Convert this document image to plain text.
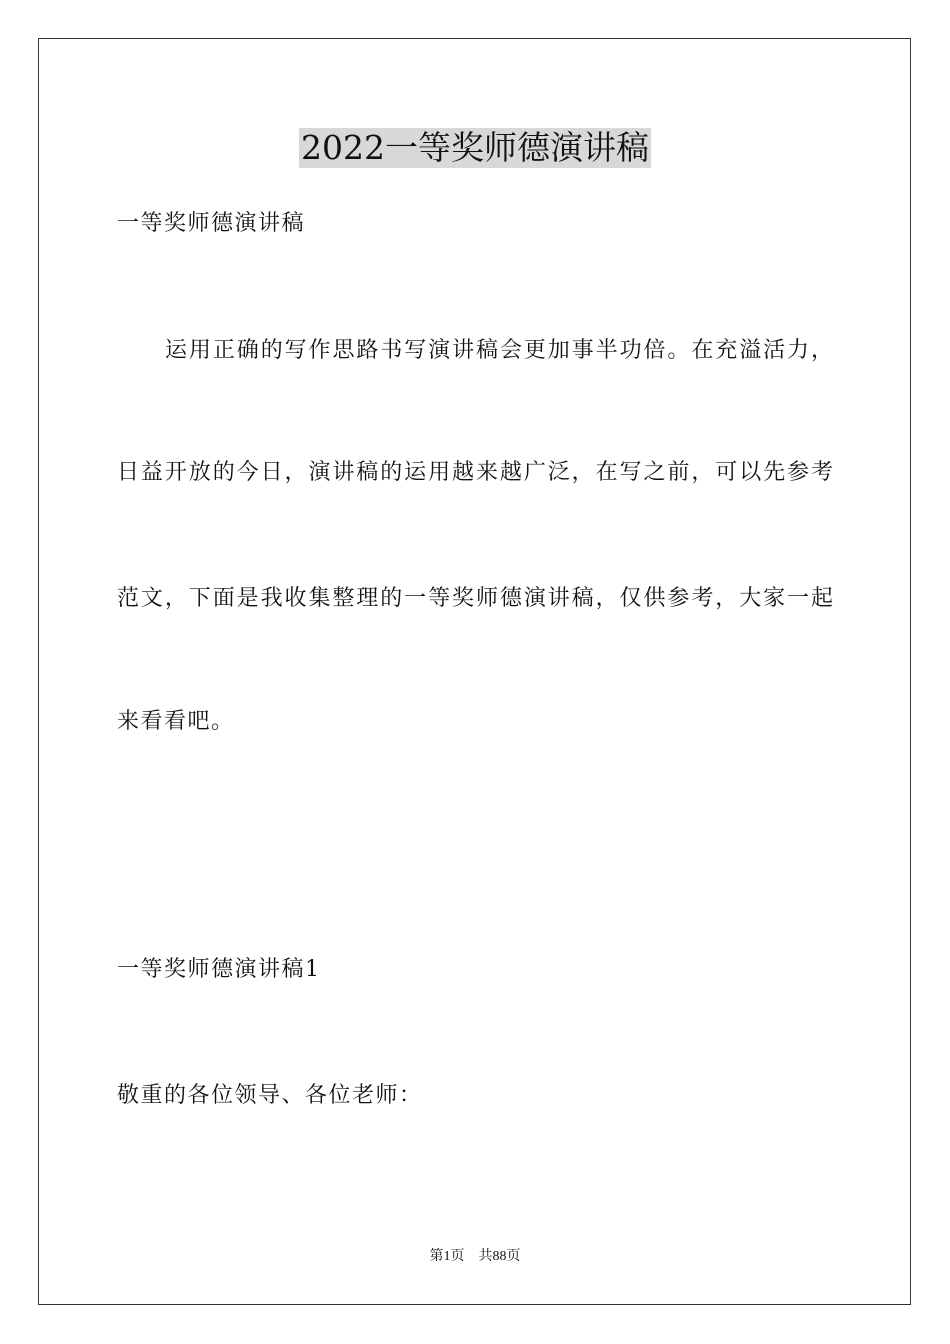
2022一等奖师德演讲稿
一等奖师德演讲稿
运用正确的写作思路书写演讲稿会更加事半功倍。在充溢活力，
日益开放的今日，演讲稿的运用越来越广泛，在写之前，可以先参考
范文，下面是我收集整理的一等奖师德演讲稿，仅供参考，大家一起
来看看吧。
一等奖师德演讲稿1
敬重的各位领导、各位老师：
第1页 共88页
